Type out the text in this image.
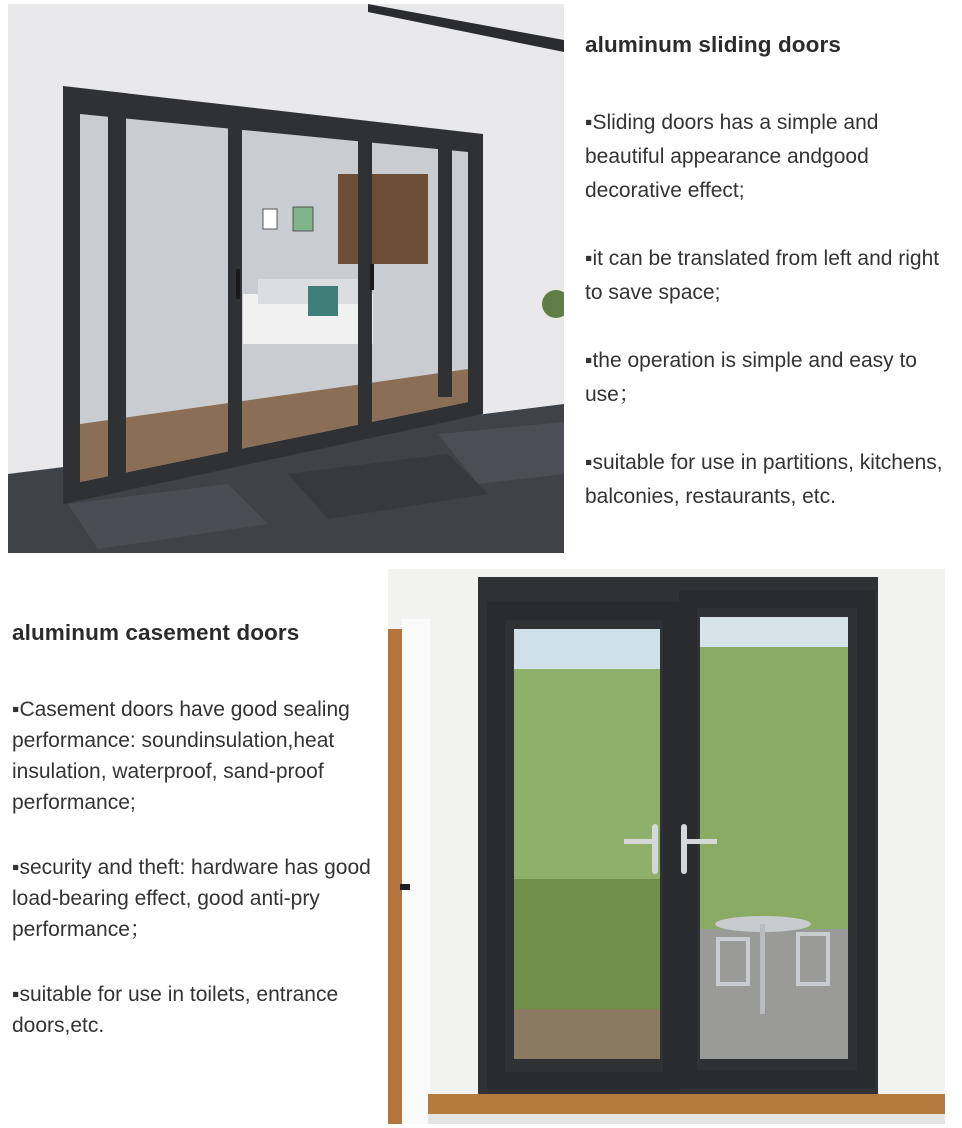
aluminum sliding doors
▪Sliding doors has a simple and beautiful appearance andgood decorative effect;
▪it can be translated from left and right to save space;
▪the operation is simple and easy to use；
▪suitable for use in partitions, kitchens, balconies, restaurants, etc.
aluminum casement doors
▪Casement doors have good sealing performance: soundinsulation,heat insulation, waterproof, sand-proof performance;
▪security and theft: hardware has good load-bearing effect, good anti-pry performance；
▪suitable for use in toilets, entrance doors,etc.
